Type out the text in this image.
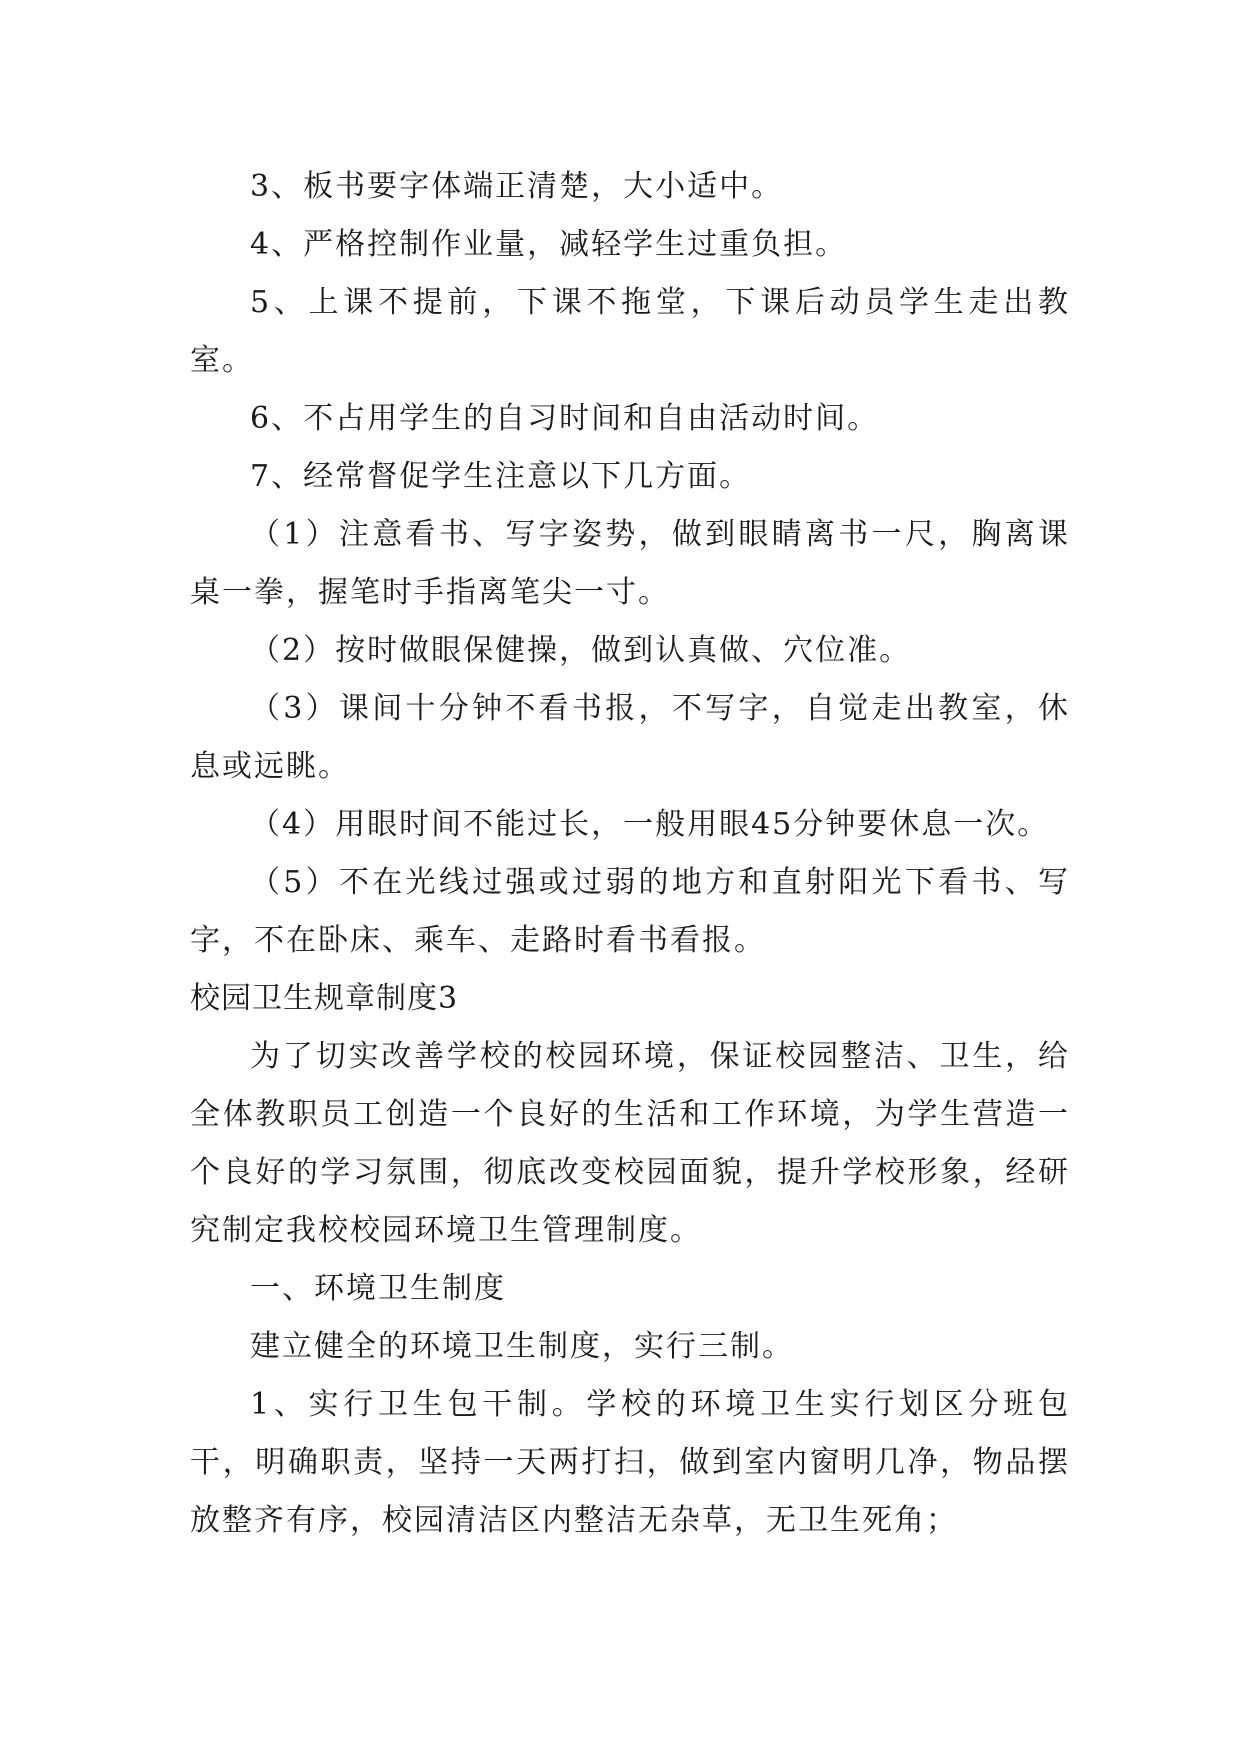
3、板书要字体端正清楚，大小适中。

4、严格控制作业量，减轻学生过重负担。

5、上课不提前，下课不拖堂，下课后动员学生走出教室。

6、不占用学生的自习时间和自由活动时间。

7、经常督促学生注意以下几方面。

（1）注意看书、写字姿势，做到眼睛离书一尺，胸离课桌一拳，握笔时手指离笔尖一寸。

（2）按时做眼保健操，做到认真做、穴位准。

（3）课间十分钟不看书报，不写字，自觉走出教室，休息或远眺。

（4）用眼时间不能过长，一般用眼45分钟要休息一次。

（5）不在光线过强或过弱的地方和直射阳光下看书、写字，不在卧床、乘车、走路时看书看报。

校园卫生规章制度3

为了切实改善学校的校园环境，保证校园整洁、卫生，给全体教职员工创造一个良好的生活和工作环境，为学生营造一个良好的学习氛围，彻底改变校园面貌，提升学校形象，经研究制定我校校园环境卫生管理制度。

一、环境卫生制度

建立健全的环境卫生制度，实行三制。

1、实行卫生包干制。学校的环境卫生实行划区分班包干，明确职责，坚持一天两打扫，做到室内窗明几净，物品摆放整齐有序，校园清洁区内整洁无杂草，无卫生死角；
